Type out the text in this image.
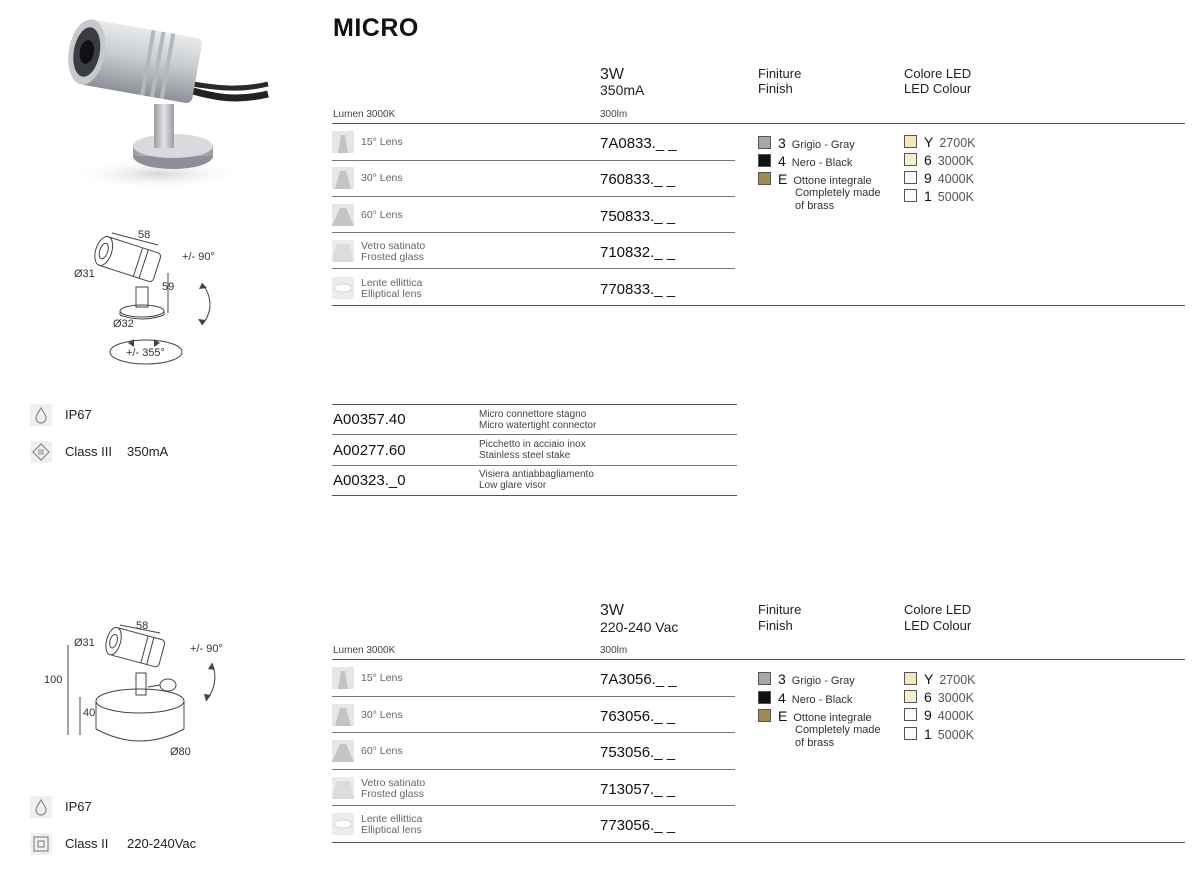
58
Ø31
+/- 90°
59
Ø32
+/- 355°
IP67
Class III 350mA
MICRO
3W
350mA
Finiture
Finish
Colore LED
LED Colour
Lumen 3000K	300lm
15° Lens	7A0833._ _
30° Lens	760833._ _
60° Lens	750833._ _
Vetro satinato
Frosted glass	710832._ _
Lente ellittica
Elliptical lens	770833._ _
3 Grigio - Gray
4 Nero - Black
E Ottone integrale
Completely made
of brass
Y 2700K
6 3000K
9 4000K
1 5000K
A00357.40	Micro connettore stagno
Micro watertight connector
A00277.60	Picchetto in acciaio inox
Stainless steel stake
A00323._0	Visiera antiabbagliamento
Low glare visor
58
Ø31	+/- 90°
100
40
Ø80
IP67
Class II 220-240Vac
3W
220-240 Vac
Finiture
Finish
Colore LED
LED Colour
Lumen 3000K	300lm
15° Lens	7A3056._ _
30° Lens	763056._ _
60° Lens	753056._ _
Vetro satinato
Frosted glass	713057._ _
Lente ellittica
Elliptical lens	773056._ _
3 Grigio - Gray
4 Nero - Black
E Ottone integrale
Completely made
of brass
Y 2700K
6 3000K
9 4000K
1 5000K
